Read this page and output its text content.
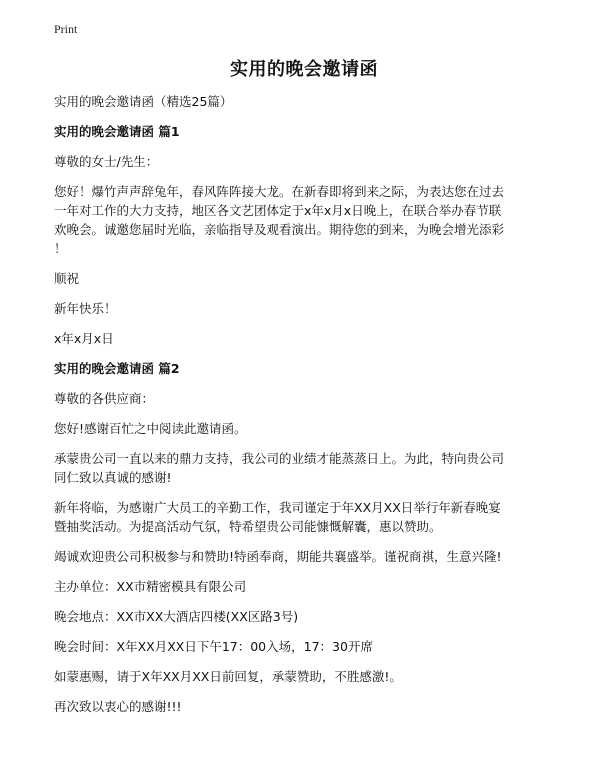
Print
实用的晚会邀请函
实用的晚会邀请函（精选25篇）
实用的晚会邀请函 篇1
尊敬的女士/先生：
您好！爆竹声声辞兔年，春风阵阵接大龙。在新春即将到来之际，为表达您在过去
一年对工作的大力支持，地区各文艺团体定于x年x月x日晚上，在联合举办春节联
欢晚会。诚邀您届时光临，亲临指导及观看演出。期待您的到来，为晚会增光添彩
！
顺祝
新年快乐！
x年x月x日
实用的晚会邀请函 篇2
尊敬的各供应商：
您好!感谢百忙之中阅读此邀请函。
承蒙贵公司一直以来的鼎力支持，我公司的业绩才能蒸蒸日上。为此，特向贵公司
同仁致以真诚的感谢!
新年将临，为感谢广大员工的辛勤工作，我司谨定于年XX月XX日举行年新春晚宴
暨抽奖活动。为提高活动气氛，特希望贵公司能慷慨解囊，惠以赞助。
竭诚欢迎贵公司积极参与和赞助!特函奉商，期能共襄盛举。谨祝商祺，生意兴隆!
主办单位：XX市精密模具有限公司
晚会地点：XX市XX大酒店四楼(XX区路3号)
晚会时间：X年XX月XX日下午17：00入场，17：30开席
如蒙惠赐，请于X年XX月XX日前回复，承蒙赞助，不胜感激!。
再次致以衷心的感谢!!!
